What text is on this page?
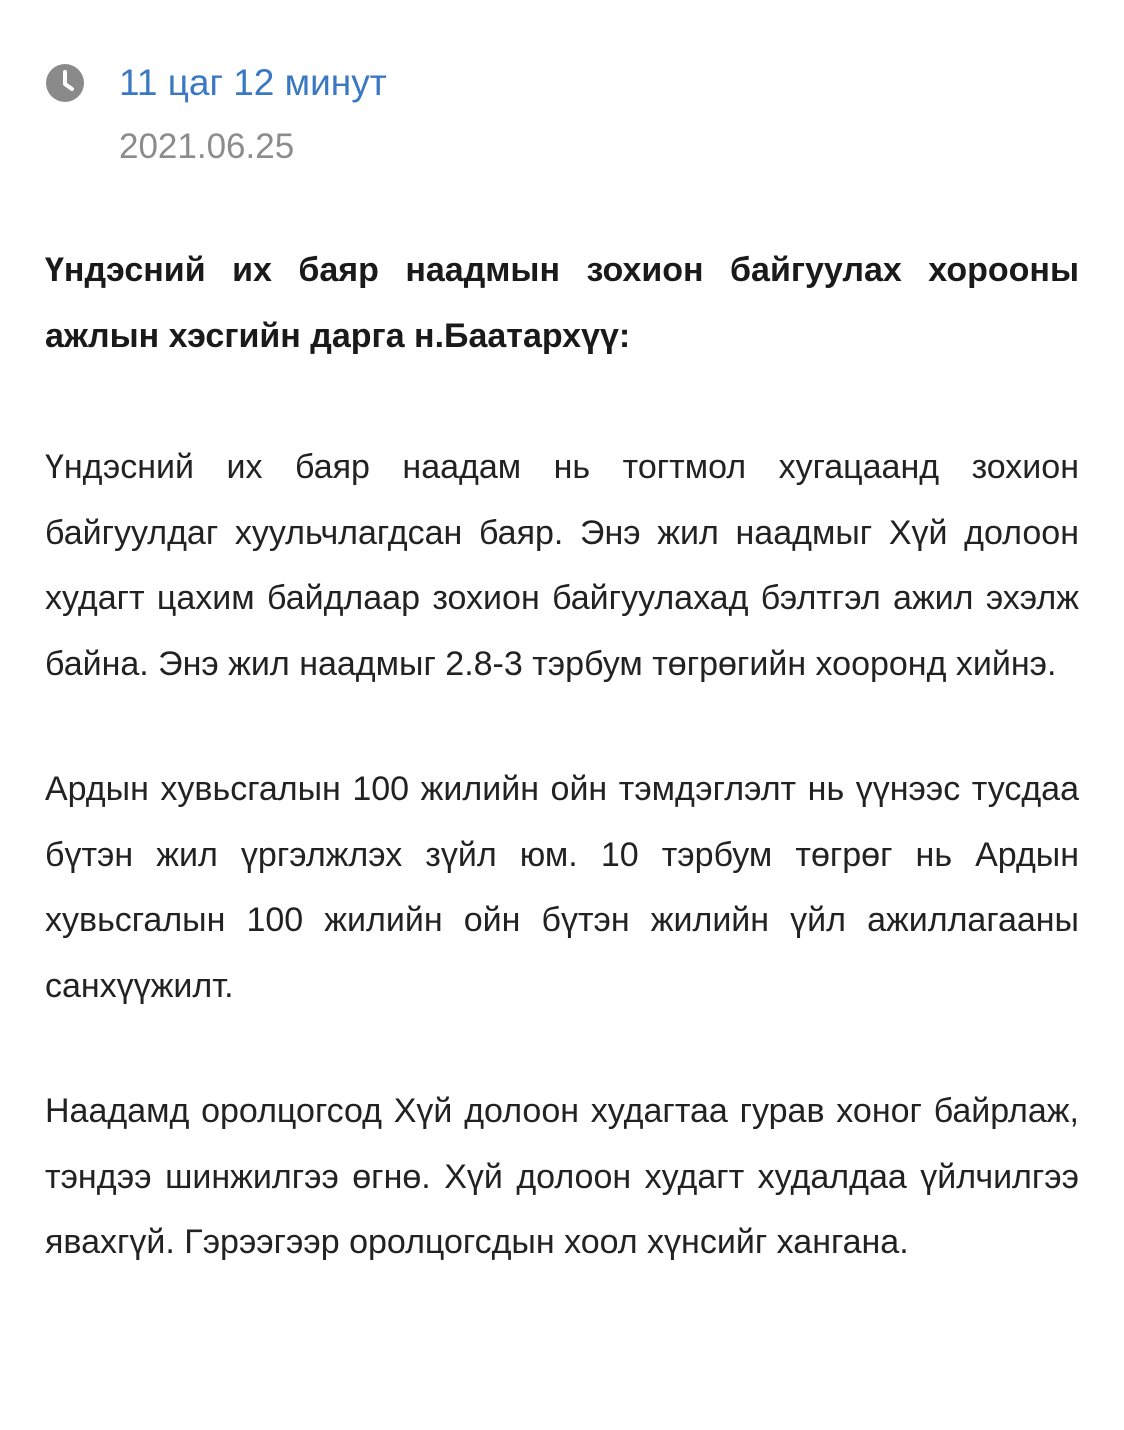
11 цаг 12 минут
2021.06.25
Үндэсний их баяр наадмын зохион байгуулах хорооны ажлын хэсгийн дарга н.Баатархүү:

Үндэсний их баяр наадам нь тогтмол хугацаанд зохион байгуулдаг хуульчлагдсан баяр. Энэ жил наадмыг Хүй долоон худагт цахим байдлаар зохион байгуулахад бэлтгэл ажил эхэлж байна. Энэ жил наадмыг 2.8-3 тэрбум төгрөгийн хооронд хийнэ.

Ардын хувьсгалын 100 жилийн ойн тэмдэглэлт нь үүнээс тусдаа бүтэн жил үргэлжлэх зүйл юм. 10 тэрбум төгрөг нь Ардын хувьсгалын 100 жилийн ойн бүтэн жилийн үйл ажиллагааны санхүүжилт.

Наадамд оролцогсод Хүй долоон худагтаа гурав хоног байрлаж, тэндээ шинжилгээ өгнө. Хүй долоон худагт худалдаа үйлчилгээ явахгүй. Гэрээгээр оролцогсдын хоол хүнсийг хангана.
